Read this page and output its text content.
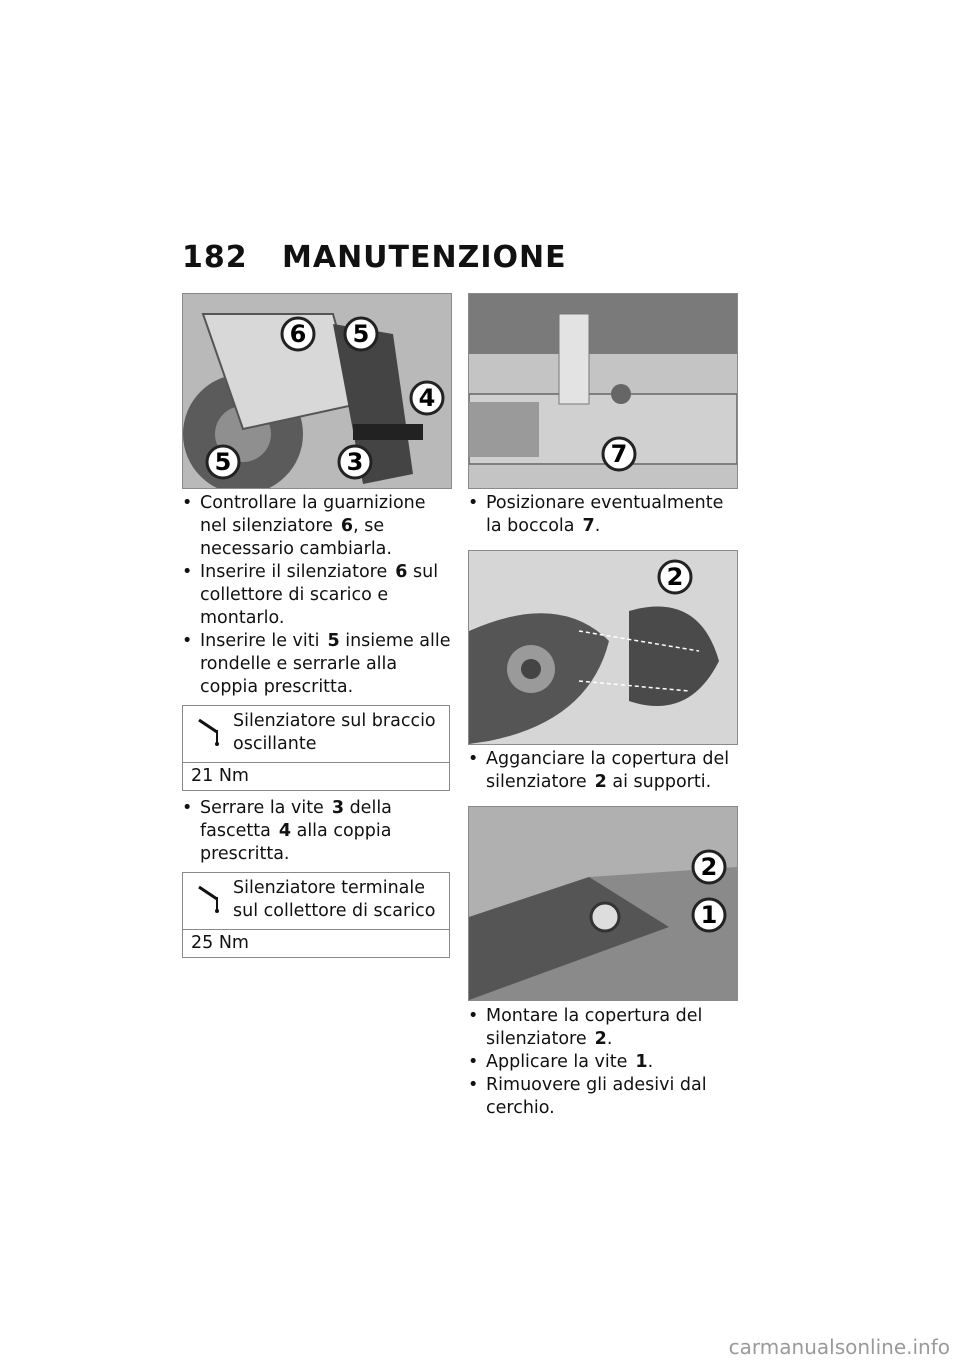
182 MANUTENZIONE
6 5
4
5	3	7
2
2
1

• Controllare la guarnizione nel silenziatore 6, se necessario cambiarla.

• Inserire il silenziatore 6 sul collettore di scarico e montarlo.

• Inserire le viti 5 insieme alle rondelle e serrarle alla coppia prescritta.

Silenziatore sul braccio oscillante
21 Nm

• Serrare la vite 3 della fascetta 4 alla coppia prescritta.

Silenziatore terminale sul collettore di scarico
25 Nm

• Posizionare eventualmente la boccola 7.

• Agganciare la copertura del silenziatore 2 ai supporti.

• Montare la copertura del silenziatore 2.

• Applicare la vite 1.

• Rimuovere gli adesivi dal cerchio.

carmanualsonline.info
